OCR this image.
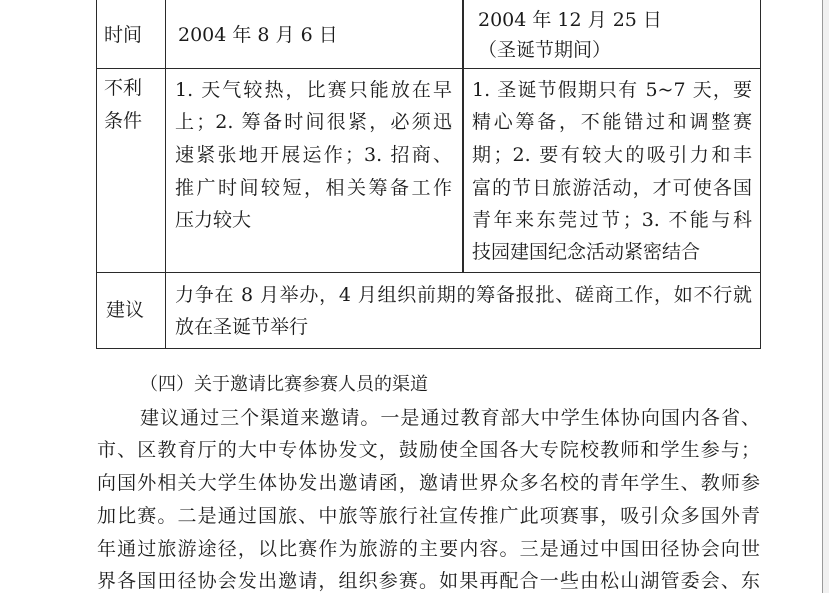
时间	2004 年 8 月 6 日
2004 年 12 月 25 日
（圣诞节期间）
不利
条件
1. 天气较热，比赛只能放在早
上；2. 筹备时间很紧，必须迅
速紧张地开展运作；3. 招商、
推广时间较短，相关筹备工作
压力较大
1. 圣诞节假期只有 5~7 天，要
精心筹备，不能错过和调整赛
期；2. 要有较大的吸引力和丰
富的节日旅游活动，才可使各国
青年来东莞过节；3. 不能与科
技园建国纪念活动紧密结合
建议
力争在 8 月举办，4 月组织前期的筹备报批、磋商工作，如不行就
放在圣诞节举行
（四）关于邀请比赛参赛人员的渠道
建议通过三个渠道来邀请。一是通过教育部大中学生体协向国内各省、
市、区教育厅的大中专体协发文，鼓励使全国各大专院校教师和学生参与；
向国外相关大学生体协发出邀请函，邀请世界众多名校的青年学生、教师参
加比赛。二是通过国旅、中旅等旅行社宣传推广此项赛事，吸引众多国外青
年通过旅游途径，以比赛作为旅游的主要内容。三是通过中国田径协会向世
界各国田径协会发出邀请，组织参赛。如果再配合一些由松山湖管委会、东
